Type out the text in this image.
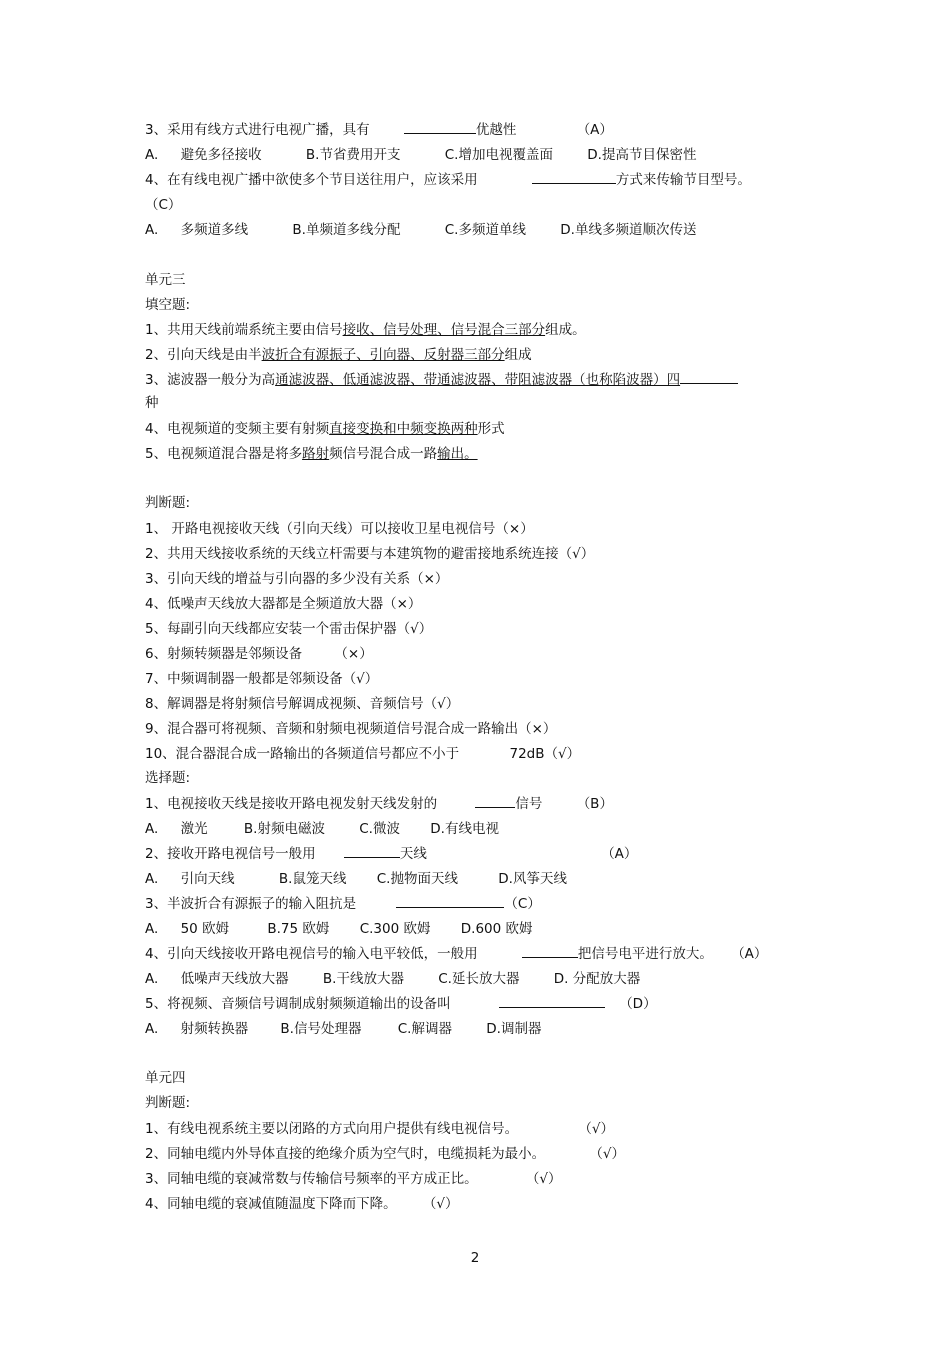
3、采用有线方式进行电视广播，具有	优越性	（A）
A. 避免多径接收	B.节省费用开支	C.增加电视覆盖面	D.提高节目保密性
4、在有线电视广播中欲使多个节目送往用户，应该采用	方式来传输节目型号。
（C）
A. 多频道多线	B.单频道多线分配	C.多频道单线	D.单线多频道顺次传送
单元三
填空题:
1、共用天线前端系统主要由信号接收、信号处理、信号混合三部分组成。
2、引向天线是由半波折合有源振子、引向器、反射器三部分组成
3、滤波器一般分为高通滤波器、低通滤波器、带通滤波器、带阻滤波器（也称陷波器）四
种
4、电视频道的变频主要有射频直接变换和中频变换两种形式
5、电视频道混合器是将多路射频信号混合成一路输出。
判断题:
1、 开路电视接收天线（引向天线）可以接收卫星电视信号（×）
2、共用天线接收系统的天线立杆需要与本建筑物的避雷接地系统连接（√）
3、引向天线的增益与引向器的多少没有关系（×）
4、低噪声天线放大器都是全频道放大器（×）
5、每副引向天线都应安装一个雷击保护器（√）
6、射频转频器是邻频设备 （×）
7、中频调制器一般都是邻频设备（√）
8、解调器是将射频信号解调成视频、音频信号（√）
9、混合器可将视频、音频和射频电视频道信号混合成一路输出（×）
10、混合器混合成一路输出的各频道信号都应不小于	72dB（√）
选择题:
1、电视接收天线是接收开路电视发射天线发射的	信号	（B）
A. 激光	B.射频电磁波	C.微波 D.有线电视
2、接收开路电视信号一般用	天线	（A）
A. 引向天线	B.鼠笼天线 C.抛物面天线	D.风筝天线
3、半波折合有源振子的输入阻抗是	（C）
A. 50 欧姆	B.75 欧姆 C.300 欧姆 D.600 欧姆
4、引向天线接收开路电视信号的输入电平较低，一般用	把信号电平进行放大。 （A）
A. 低噪声天线放大器	B.干线放大器	C.延长放大器	D. 分配放大器
5、将视频、音频信号调制成射频频道输出的设备叫	（D）
A. 射频转换器 B.信号处理器	C.解调器	D.调制器
单元四
判断题:
1、有线电视系统主要以闭路的方式向用户提供有线电视信号。	（√）
2、同轴电缆内外导体直接的绝缘介质为空气时，电缆损耗为最小。	（√）
3、同轴电缆的衰减常数与传输信号频率的平方成正比。	（√）
4、同轴电缆的衰减值随温度下降而下降。 （√）
2
